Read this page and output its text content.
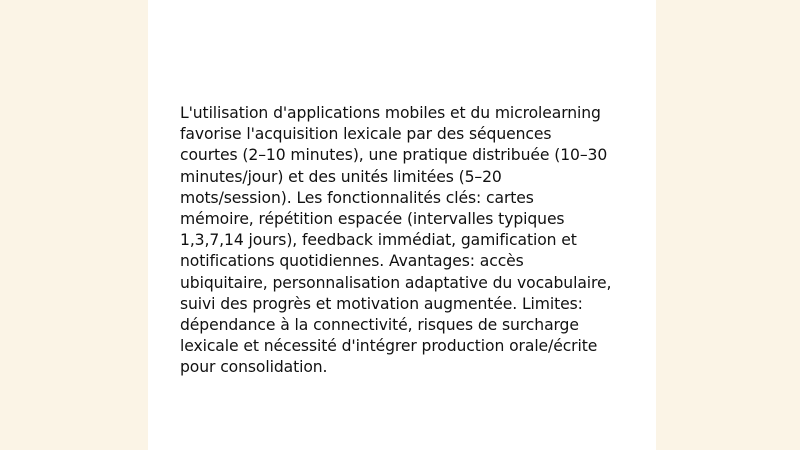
L'utilisation d'applications mobiles et du microlearning favorise l'acquisition lexicale par des séquences courtes (2–10 minutes), une pratique distribuée (10–30 minutes/jour) et des unités limitées (5–20 mots/session). Les fonctionnalités clés: cartes mémoire, répétition espacée (intervalles typiques 1,3,7,14 jours), feedback immédiat, gamification et notifications quotidiennes. Avantages: accès ubiquitaire, personnalisation adaptative du vocabulaire, suivi des progrès et motivation augmentée. Limites: dépendance à la connectivité, risques de surcharge lexicale et nécessité d'intégrer production orale/écrite pour consolidation.
